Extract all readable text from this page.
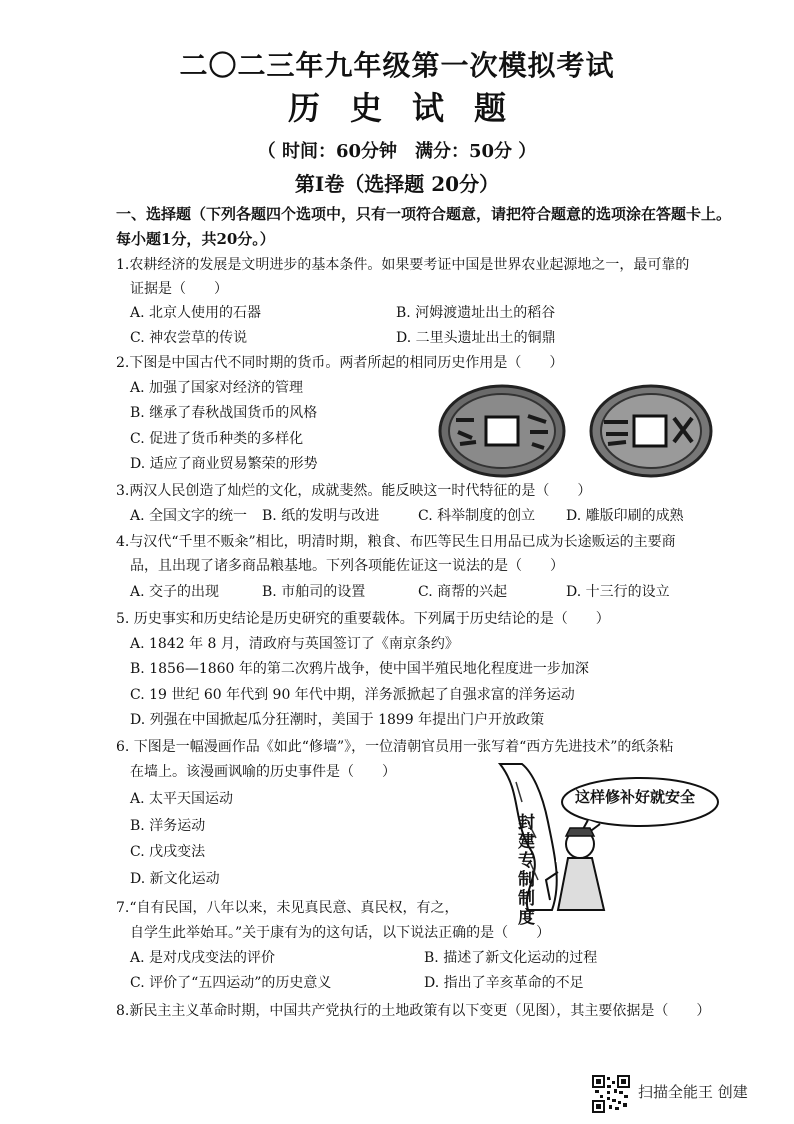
二〇二三年九年级第一次模拟考试
历史试题
（ 时间：60分钟　满分：50分 ）
第Ⅰ卷（选择题 20分）
一、选择题（下列各题四个选项中，只有一项符合题意，请把符合题意的选项涂在答题卡上。
每小题1分，共20分。）
1.农耕经济的发展是文明进步的基本条件。如果要考证中国是世界农业起源地之一，最可靠的
证据是（　　）
A. 北京人使用的石器	B. 河姆渡遗址出土的稻谷
C. 神农尝草的传说	D. 二里头遗址出土的铜鼎
2.下图是中国古代不同时期的货币。两者所起的相同历史作用是（　　）
A. 加强了国家对经济的管理
B. 继承了春秋战国货币的风格
C. 促进了货币种类的多样化
D. 适应了商业贸易繁荣的形势
3.两汉人民创造了灿烂的文化，成就斐然。能反映这一时代特征的是（　　）
A. 全国文字的统一 B. 纸的发明与改进	C. 科举制度的创立 D. 雕版印刷的成熟
4.与汉代“千里不贩籴”相比，明清时期，粮食、布匹等民生日用品已成为长途贩运的主要商
品，且出现了诸多商品粮基地。下列各项能佐证这一说法的是（　　）
A. 交子的出现	B. 市舶司的设置	C. 商帮的兴起	D. 十三行的设立
5. 历史事实和历史结论是历史研究的重要载体。下列属于历史结论的是（　　）
A. 1842 年 8 月，清政府与英国签订了《南京条约》
B. 1856—1860 年的第二次鸦片战争，使中国半殖民地化程度进一步加深
C. 19 世纪 60 年代到 90 年代中期，洋务派掀起了自强求富的洋务运动
D. 列强在中国掀起瓜分狂潮时，美国于 1899 年提出门户开放政策
6. 下图是一幅漫画作品《如此“修墙”》，一位清朝官员用一张写着“西方先进技术”的纸条粘
在墙上。该漫画讽喻的历史事件是（　　）
A. 太平天国运动
B. 洋务运动
C. 戊戌变法
D. 新文化运动
这样修补好就安全
封建专制制度
7.“自有民国，八年以来，未见真民意、真民权，有之，
自学生此举始耳。”关于康有为的这句话，以下说法正确的是（　　）
A. 是对戊戌变法的评价	B. 描述了新文化运动的过程
C. 评价了“五四运动”的历史意义	D. 指出了辛亥革命的不足
8.新民主主义革命时期，中国共产党执行的土地政策有以下变更（见图），其主要依据是（　　）
扫描全能王 创建
